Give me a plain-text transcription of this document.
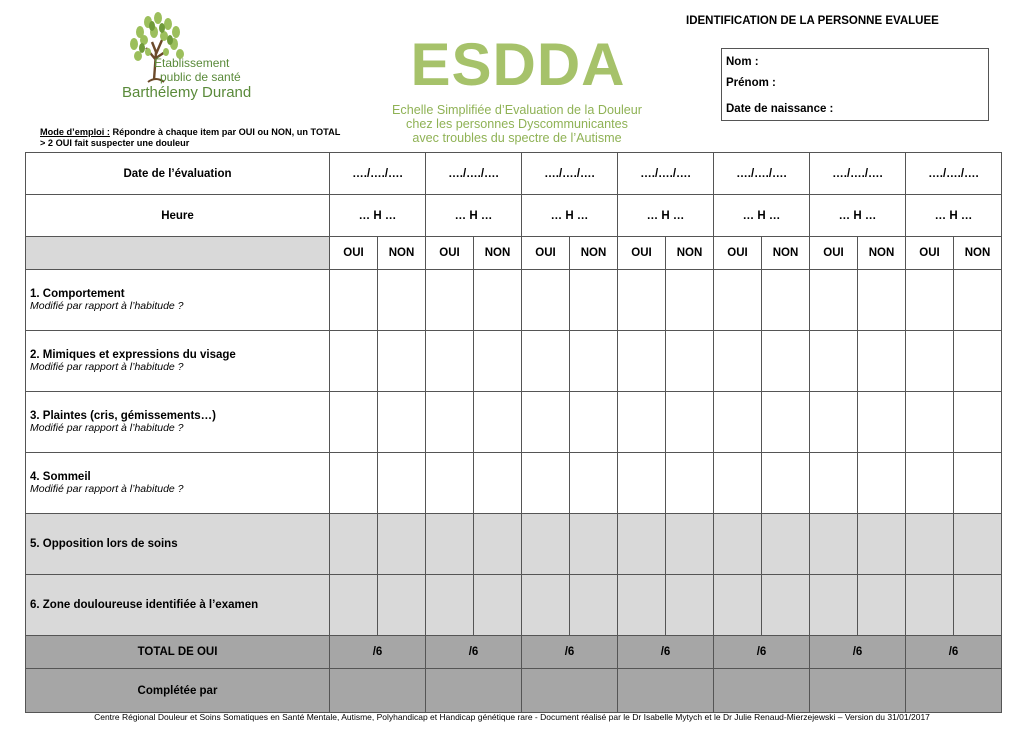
Établissement
public de santé
Barthélemy Durand	ESDDA
Echelle Simplifiée d’Evaluation de la Douleur
chez les personnes Dyscommunicantes
avec troubles du spectre de l’Autisme
IDENTIFICATION DE LA PERSONNE EVALUEE
Nom :
Prénom :
Date de naissance :
Mode d’emploi : Répondre à chaque item par OUI ou NON, un TOTAL
> 2 OUI fait suspecter une douleur
Date de l’évaluation	…./…./….		…./…./….		…./…./….		…./…./….		…./…./….		…./…./….		…./…./….	
Heure	… H …		… H …		… H …		… H …		… H …		… H …		… H …	
	OUI	NON	OUI	NON	OUI	NON	OUI	NON	OUI	NON	OUI	NON	OUI	NON

1. Comportement
Modifié par rapport à l’habitude ?														

2. Mimiques et expressions du visage
Modifié par rapport à l’habitude ?														

3. Plaintes (cris, gémissements…)
Modifié par rapport à l’habitude ?														

4. Sommeil
Modifié par rapport à l’habitude ?														

5. Opposition lors de soins														

6. Zone douloureuse identifiée à l’examen														

TOTAL DE OUI	/6		/6		/6		/6		/6		/6		/6	
Complétée par														
Centre Régional Douleur et Soins Somatiques en Santé Mentale, Autisme, Polyhandicap et Handicap génétique rare - Document réalisé par le Dr Isabelle Mytych et le Dr Julie Renaud-Mierzejewski – Version du 31/01/2017
